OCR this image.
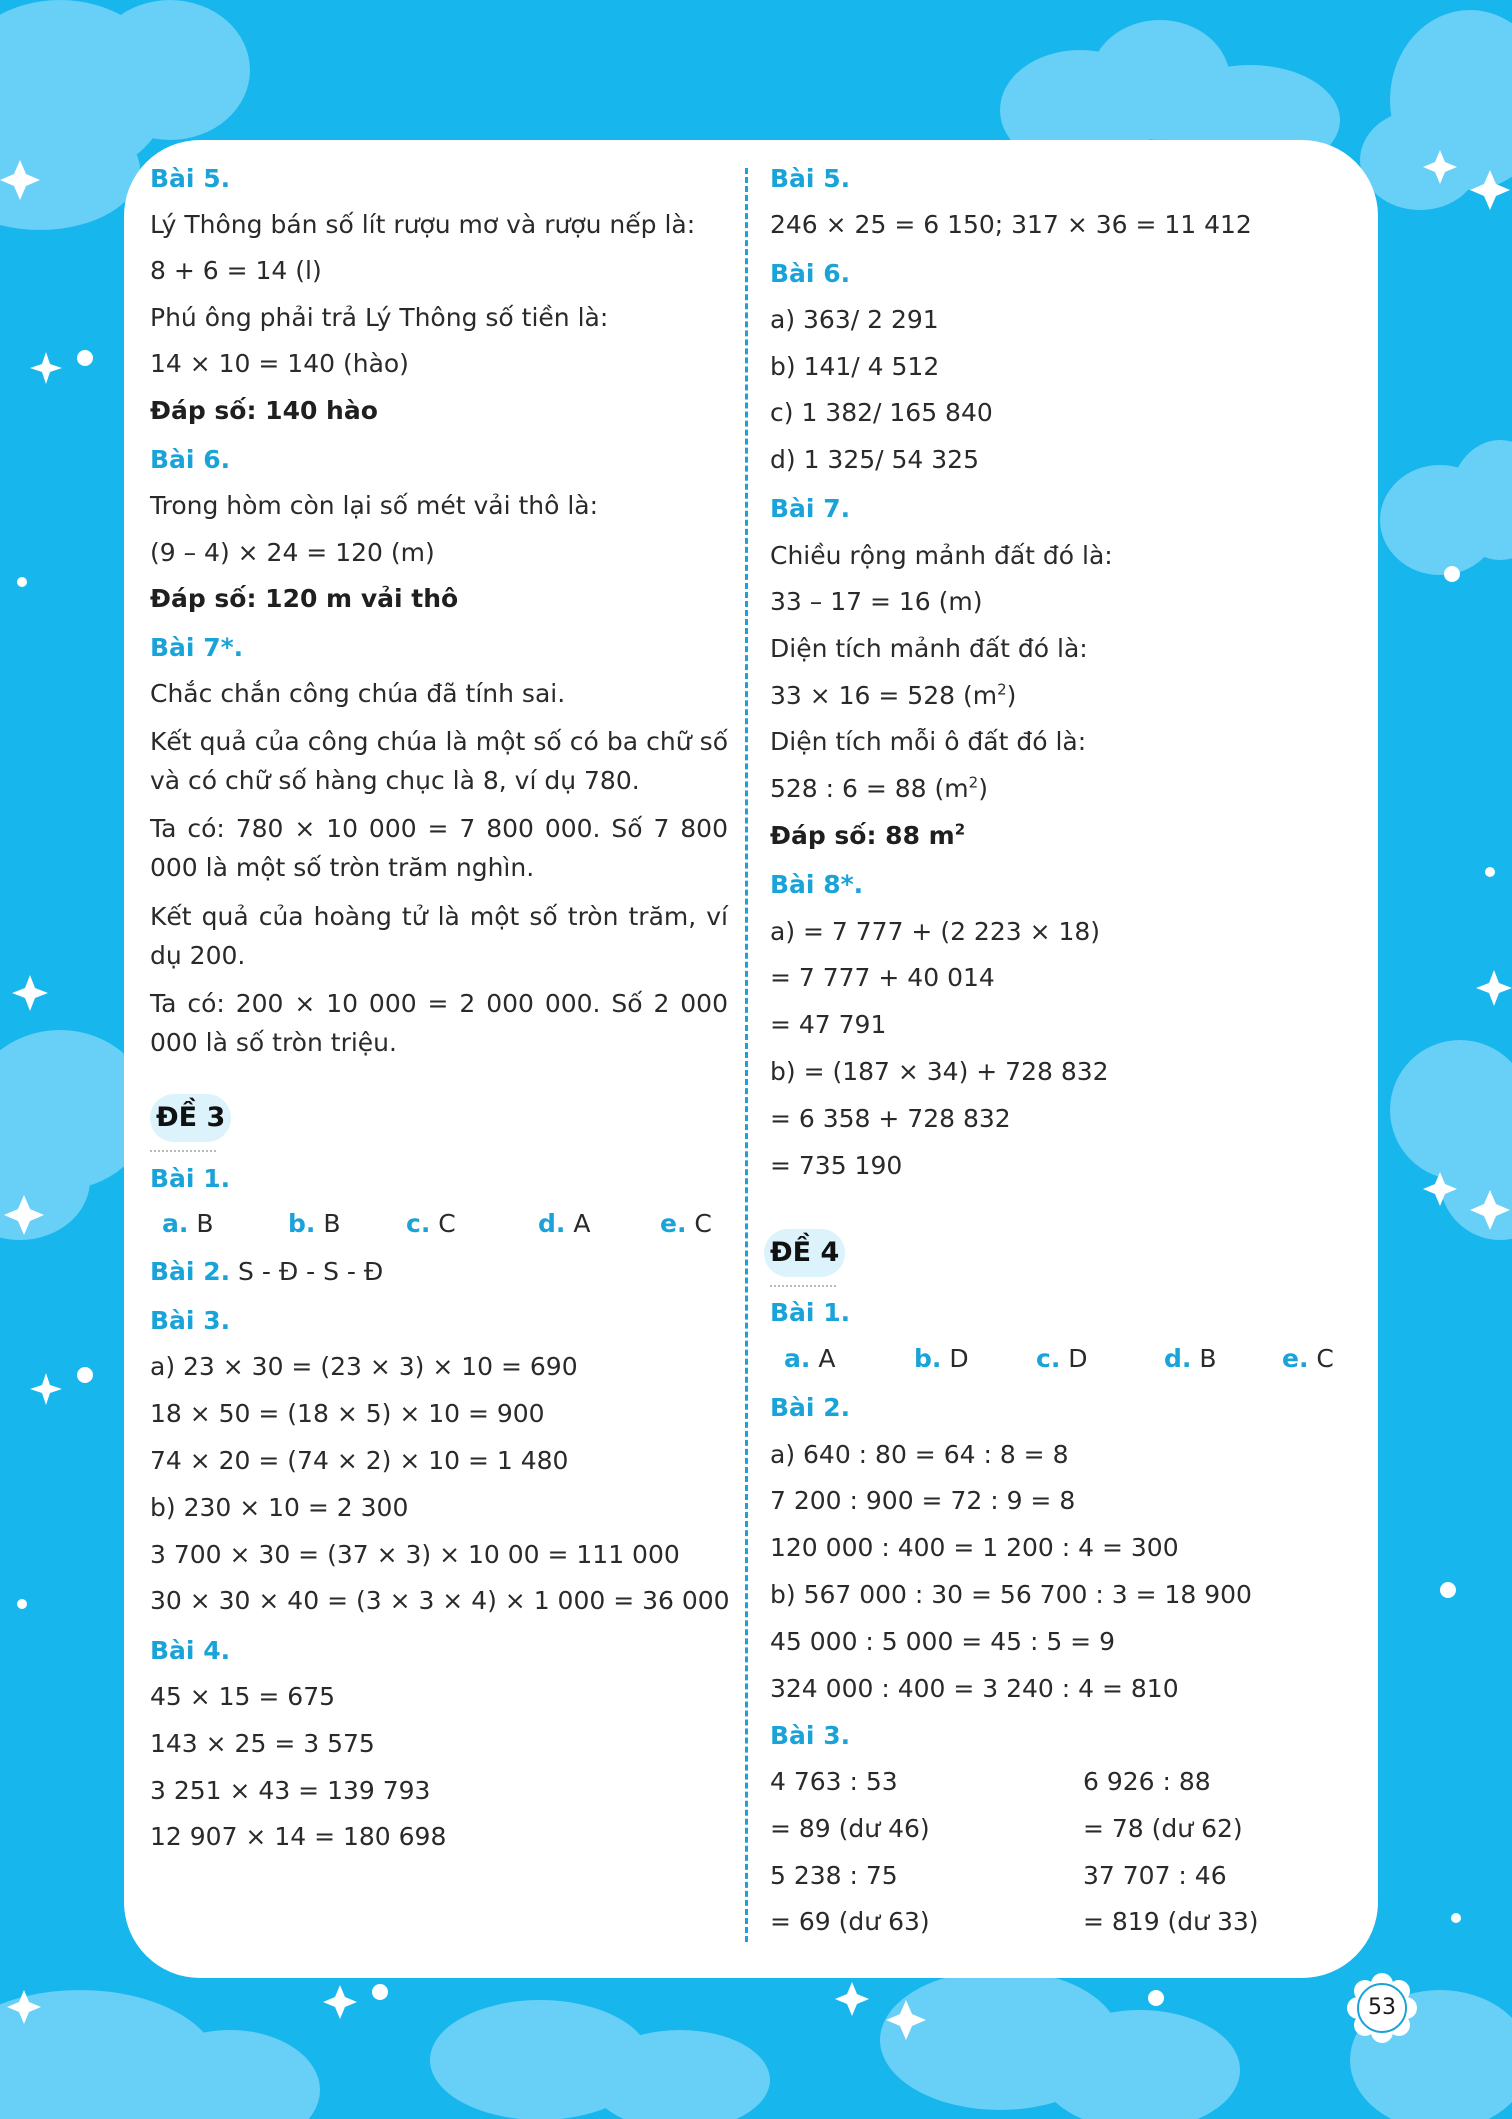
Bài 5.
Lý Thông bán số lít rượu mơ và rượu nếp là:
8 + 6 = 14 (l)
Phú ông phải trả Lý Thông số tiền là:
14 × 10 = 140 (hào)
Đáp số: 140 hào
Bài 6.
Trong hòm còn lại số mét vải thô là:
(9 – 4) × 24 = 120 (m)
Đáp số: 120 m vải thô
Bài 7*.
Chắc chắn công chúa đã tính sai.
Kết quả của công chúa là một số có ba chữ số và có chữ số hàng chục là 8, ví dụ 780.
Ta có: 780 × 10 000 = 7 800 000. Số 7 800 000 là một số tròn trăm nghìn.
Kết quả của hoàng tử là một số tròn trăm, ví dụ 200.
Ta có: 200 × 10 000 = 2 000 000. Số 2 000 000 là số tròn triệu.
ĐỀ 3
Bài 1.
a. B	b. B	c. C	d. A	e. C
Bài 2. S - Đ - S - Đ
Bài 3.
a) 23 × 30 = (23 × 3) × 10 = 690
18 × 50 = (18 × 5) × 10 = 900
74 × 20 = (74 × 2) × 10 = 1 480
b) 230 × 10 = 2 300
3 700 × 30 = (37 × 3) × 10 00 = 111 000
30 × 30 × 40 = (3 × 3 × 4) × 1 000 = 36 000
Bài 4.
45 × 15 = 675
143 × 25 = 3 575
3 251 × 43 = 139 793
12 907 × 14 = 180 698
Bài 5.
246 × 25 = 6 150; 317 × 36 = 11 412
Bài 6.
a) 363/ 2 291
b) 141/ 4 512
c) 1 382/ 165 840
d) 1 325/ 54 325
Bài 7.
Chiều rộng mảnh đất đó là:
33 – 17 = 16 (m)
Diện tích mảnh đất đó là:
33 × 16 = 528 $(m^2)$
Diện tích mỗi ô đất đó là:
528 : 6 = 88 $(m^2)$
Đáp số: 88 $m^2$
Bài 8*.
a) = 7 777 + (2 223 × 18)
= 7 777 + 40 014
= 47 791
b) = (187 × 34) + 728 832
= 6 358 + 728 832
= 735 190
ĐỀ 4
Bài 1.
a. A	b. D	c. D	d. B	e. C
Bài 2.
a) 640 : 80 = 64 : 8 = 8
7 200 : 900 = 72 : 9 = 8
120 000 : 400 = 1 200 : 4 = 300
b) 567 000 : 30 = 56 700 : 3 = 18 900
45 000 : 5 000 = 45 : 5 = 9
324 000 : 400 = 3 240 : 4 = 810
Bài 3.
4 763 : 53
= 89 (dư 46)
5 238 : 75
= 69 (dư 63)
6 926 : 88
= 78 (dư 62)
37 707 : 46
= 819 (dư 33)
53
